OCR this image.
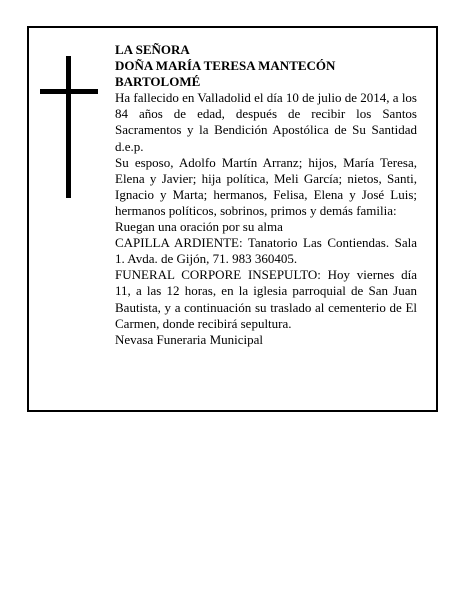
LA SEÑORA
DOÑA MARÍA TERESA MANTECÓN
BARTOLOMÉ

Ha fallecido en Valladolid el día 10 de julio de 2014, a los 84 años de edad, después de recibir los Santos Sacramentos y la Bendición Apostólica de Su Santidad d.e.p.

Su esposo, Adolfo Martín Arranz; hijos, María Teresa, Elena y Javier; hija política, Meli García; nietos, Santi, Ignacio y Marta; hermanos, Felisa, Elena y José Luis; hermanos políticos, sobrinos, primos y demás familia:

Ruegan una oración por su alma

CAPILLA ARDIENTE: Tanatorio Las Contiendas. Sala 1. Avda. de Gijón, 71. 983 360405.

FUNERAL CORPORE INSEPULTO: Hoy viernes día 11, a las 12 horas, en la iglesia parroquial de San Juan Bautista, y a continuación su traslado al cementerio de El Carmen, donde recibirá sepultura.

Nevasa Funeraria Municipal
